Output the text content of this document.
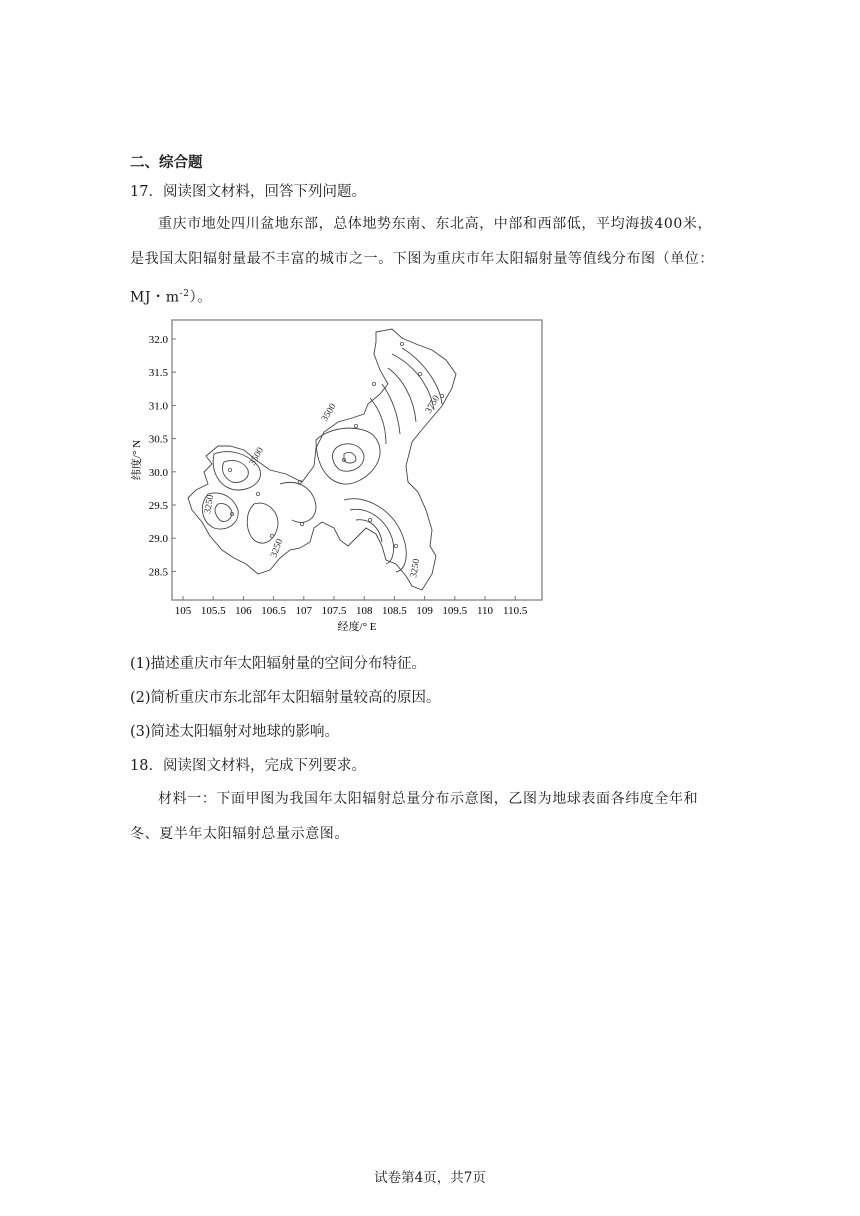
二、综合题
17．阅读图文材料，回答下列问题。
重庆市地处四川盆地东部，总体地势东南、东北高，中部和西部低，平均海拔400米，
是我国太阳辐射量最不丰富的城市之一。下图为重庆市年太阳辐射量等值线分布图（单位：
MJ・$m^{-2}$）。
32.0
31.5
31.0
30.5
30.0
29.5
29.0
28.5
105 105.5 106 106.5 107 107.5 108 108.5 109 109.5 110 110.5
纬度/° N
经度/° E
3750
3500
3500
3250
3250
3250
(1)描述重庆市年太阳辐射量的空间分布特征。
(2)简析重庆市东北部年太阳辐射量较高的原因。
(3)简述太阳辐射对地球的影响。
18．阅读图文材料，完成下列要求。
材料一：下面甲图为我国年太阳辐射总量分布示意图，乙图为地球表面各纬度全年和
冬、夏半年太阳辐射总量示意图。
试卷第4页，共7页
